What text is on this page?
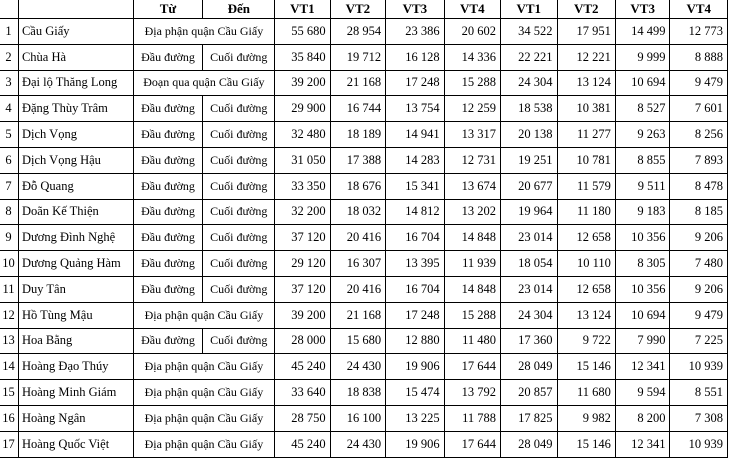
		Từ	Đến	VT1	VT2	VT3	VT4	VT1	VT2	VT3	VT4
1	Cầu Giấy	Địa phận quận Cầu Giấy		55 680	28 954	23 386	20 602	34 522	17 951	14 499	12 773
2	Chùa Hà	Đầu đường	Cuối đường	35 840	19 712	16 128	14 336	22 221	12 221	9 999	8 888
3	Đại lộ Thăng Long	Đoạn qua quận Cầu Giấy		39 200	21 168	17 248	15 288	24 304	13 124	10 694	9 479
4	Đặng Thùy Trâm	Đầu đường	Cuối đường	29 900	16 744	13 754	12 259	18 538	10 381	8 527	7 601
5	Dịch Vọng	Đầu đường	Cuối đường	32 480	18 189	14 941	13 317	20 138	11 277	9 263	8 256
6	Dịch Vọng Hậu	Đầu đường	Cuối đường	31 050	17 388	14 283	12 731	19 251	10 781	8 855	7 893
7	Đỗ Quang	Đầu đường	Cuối đường	33 350	18 676	15 341	13 674	20 677	11 579	9 511	8 478
8	Doãn Kế Thiện	Đầu đường	Cuối đường	32 200	18 032	14 812	13 202	19 964	11 180	9 183	8 185
9	Dương Đình Nghệ	Đầu đường	Cuối đường	37 120	20 416	16 704	14 848	23 014	12 658	10 356	9 206
10	Dương Quảng Hàm	Đầu đường	Cuối đường	29 120	16 307	13 395	11 939	18 054	10 110	8 305	7 480
11	Duy Tân	Đầu đường	Cuối đường	37 120	20 416	16 704	14 848	23 014	12 658	10 356	9 206
12	Hồ Tùng Mậu	Địa phận quận Cầu Giấy		39 200	21 168	17 248	15 288	24 304	13 124	10 694	9 479
13	Hoa Bằng	Đầu đường	Cuối đường	28 000	15 680	12 880	11 480	17 360	9 722	7 990	7 225
14	Hoàng Đạo Thúy	Địa phận quận Cầu Giấy		45 240	24 430	19 906	17 644	28 049	15 146	12 341	10 939
15	Hoàng Minh Giám	Địa phận quận Cầu Giấy		33 640	18 838	15 474	13 792	20 857	11 680	9 594	8 551
16	Hoàng Ngân	Địa phận quận Cầu Giấy		28 750	16 100	13 225	11 788	17 825	9 982	8 200	7 308
17	Hoàng Quốc Việt	Địa phận quận Cầu Giấy		45 240	24 430	19 906	17 644	28 049	15 146	12 341	10 939
